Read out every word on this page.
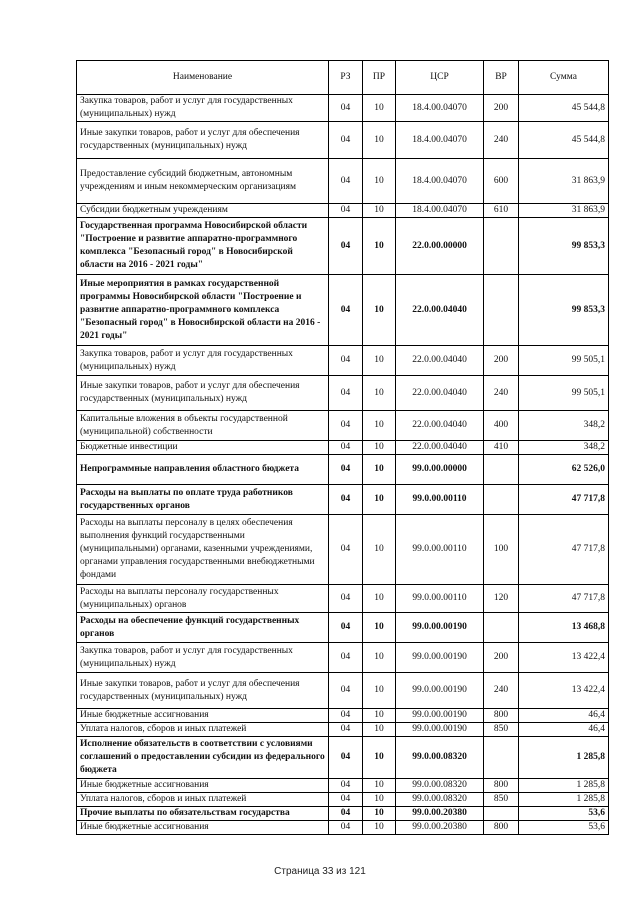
Наименование	РЗ	ПР	ЦСР	ВР	Сумма
Закупка товаров, работ и услуг для государственных (муниципальных) нужд	04	10	18.4.00.04070	200	45 544,8
Иные закупки товаров, работ и услуг для обеспечения государственных (муниципальных) нужд	04	10	18.4.00.04070	240	45 544,8
Предоставление субсидий бюджетным, автономным учреждениям и иным некоммерческим организациям	04	10	18.4.00.04070	600	31 863,9
Субсидии бюджетным учреждениям	04	10	18.4.00.04070	610	31 863,9
Государственная программа Новосибирской области "Построение и развитие аппаратно-программного комплекса "Безопасный город" в Новосибирской области на 2016 - 2021 годы"	04	10	22.0.00.00000		99 853,3
Иные мероприятия в рамках государственной программы Новосибирской области "Построение и развитие аппаратно-программного комплекса "Безопасный город" в Новосибирской области на 2016 - 2021 годы"	04	10	22.0.00.04040		99 853,3
Закупка товаров, работ и услуг для государственных (муниципальных) нужд	04	10	22.0.00.04040	200	99 505,1
Иные закупки товаров, работ и услуг для обеспечения государственных (муниципальных) нужд	04	10	22.0.00.04040	240	99 505,1
Капитальные вложения в объекты государственной (муниципальной) собственности	04	10	22.0.00.04040	400	348,2
Бюджетные инвестиции	04	10	22.0.00.04040	410	348,2
Непрограммные направления областного бюджета	04	10	99.0.00.00000		62 526,0
Расходы на выплаты по оплате труда работников государственных органов	04	10	99.0.00.00110		47 717,8
Расходы на выплаты персоналу в целях обеспечения выполнения функций государственными (муниципальными) органами, казенными учреждениями, органами управления государственными внебюджетными фондами	04	10	99.0.00.00110	100	47 717,8
Расходы на выплаты персоналу государственных (муниципальных) органов	04	10	99.0.00.00110	120	47 717,8
Расходы на обеспечение функций государственных органов	04	10	99.0.00.00190		13 468,8
Закупка товаров, работ и услуг для государственных (муниципальных) нужд	04	10	99.0.00.00190	200	13 422,4
Иные закупки товаров, работ и услуг для обеспечения государственных (муниципальных) нужд	04	10	99.0.00.00190	240	13 422,4
Иные бюджетные ассигнования	04	10	99.0.00.00190	800	46,4
Уплата налогов, сборов и иных платежей	04	10	99.0.00.00190	850	46,4
Исполнение обязательств в соответствии с условиями соглашений о предоставлении субсидии из федерального бюджета	04	10	99.0.00.08320		1 285,8
Иные бюджетные ассигнования	04	10	99.0.00.08320	800	1 285,8
Уплата налогов, сборов и иных платежей	04	10	99.0.00.08320	850	1 285,8
Прочие выплаты по обязательствам государства	04	10	99.0.00.20380		53,6
Иные бюджетные ассигнования	04	10	99.0.00.20380	800	53,6
Страница 33 из 121
